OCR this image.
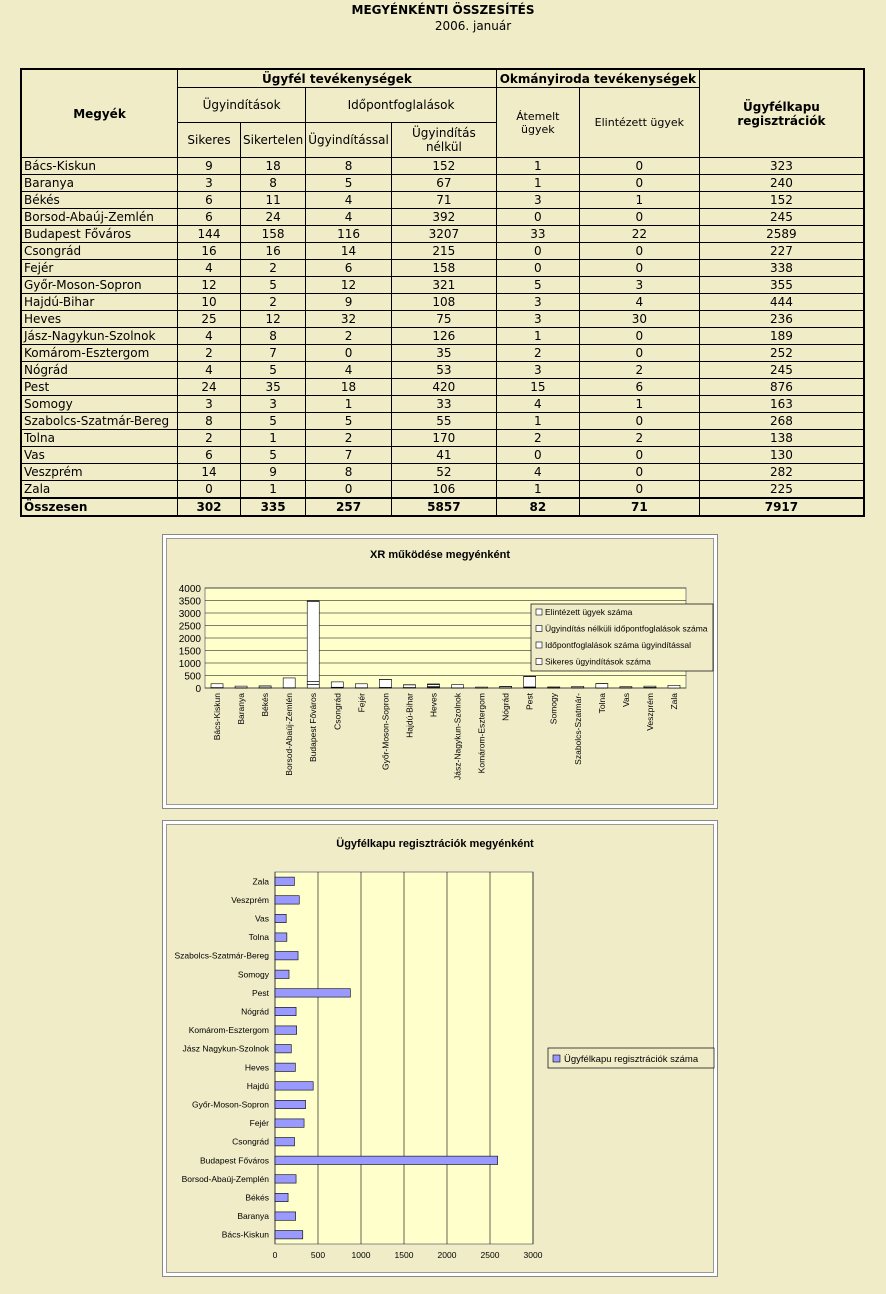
MEGYÉNKÉNTI ÖSSZESÍTÉS
2006. január
Megyék	Ügyfél tevékenységek				Okmányiroda tevékenységek		Ügyfélkapu regisztrációk
	Ügyindítások		Időpontfoglalások		Átemelt ügyek	Elintézett ügyek	
	Sikeres	Sikertelen	Ügyindítással	Ügyindítás nélkül			
Bács-Kiskun	9	18	8	152	1	0	323
Baranya	3	8	5	67	1	0	240
Békés	6	11	4	71	3	1	152
Borsod-Abaúj-Zemlén	6	24	4	392	0	0	245
Budapest Főváros	144	158	116	3207	33	22	2589
Csongrád	16	16	14	215	0	0	227
Fejér	4	2	6	158	0	0	338
Győr-Moson-Sopron	12	5	12	321	5	3	355
Hajdú-Bihar	10	2	9	108	3	4	444
Heves	25	12	32	75	3	30	236
Jász-Nagykun-Szolnok	4	8	2	126	1	0	189
Komárom-Esztergom	2	7	0	35	2	0	252
Nógrád	4	5	4	53	3	2	245
Pest	24	35	18	420	15	6	876
Somogy	3	3	1	33	4	1	163
Szabolcs-Szatmár-Bereg	8	5	5	55	1	0	268
Tolna	2	1	2	170	2	2	138
Vas	6	5	7	41	0	0	130
Veszprém	14	9	8	52	4	0	282
Zala	0	1	0	106	1	0	225
Összesen	302	335	257	5857	82	71	7917
XR működése megyénként
0
500
1000
1500
2000
2500
3000
3500
4000
Bács-Kiskun Baranya Békés Borsod-Abaúj-Zemlén Budapest Főváros Csongrád Fejér Győr-Moson-Sopron Hajdú-Bihar Heves Jász-Nagykun-Szolnok Komárom-Esztergom Nógrád Pest Somogy Szabolcs-Szatmár- Tolna Vas Veszprém Zala
Elintézett ügyek száma
Ügyindítás nélküli időpontfoglalások száma
Időpontfoglalások száma ügyindítással
Sikeres ügyindítások száma
Ügyfélkapu regisztrációk megyénként
0	500	1000	1500	2000	2500	3000
Bács-Kiskun
Baranya
Békés
Borsod-Abaúj-Zemplén
Budapest Főváros
Csongrád
Fejér
Győr-Moson-Sopron
Hajdú
Heves
Jász Nagykun-Szolnok
Komárom-Esztergom
Nógrád
Pest
Somogy
Szabolcs-Szatmár-Bereg
Tolna
Vas
Veszprém
Zala
Ügyfélkapu regisztrációk száma
